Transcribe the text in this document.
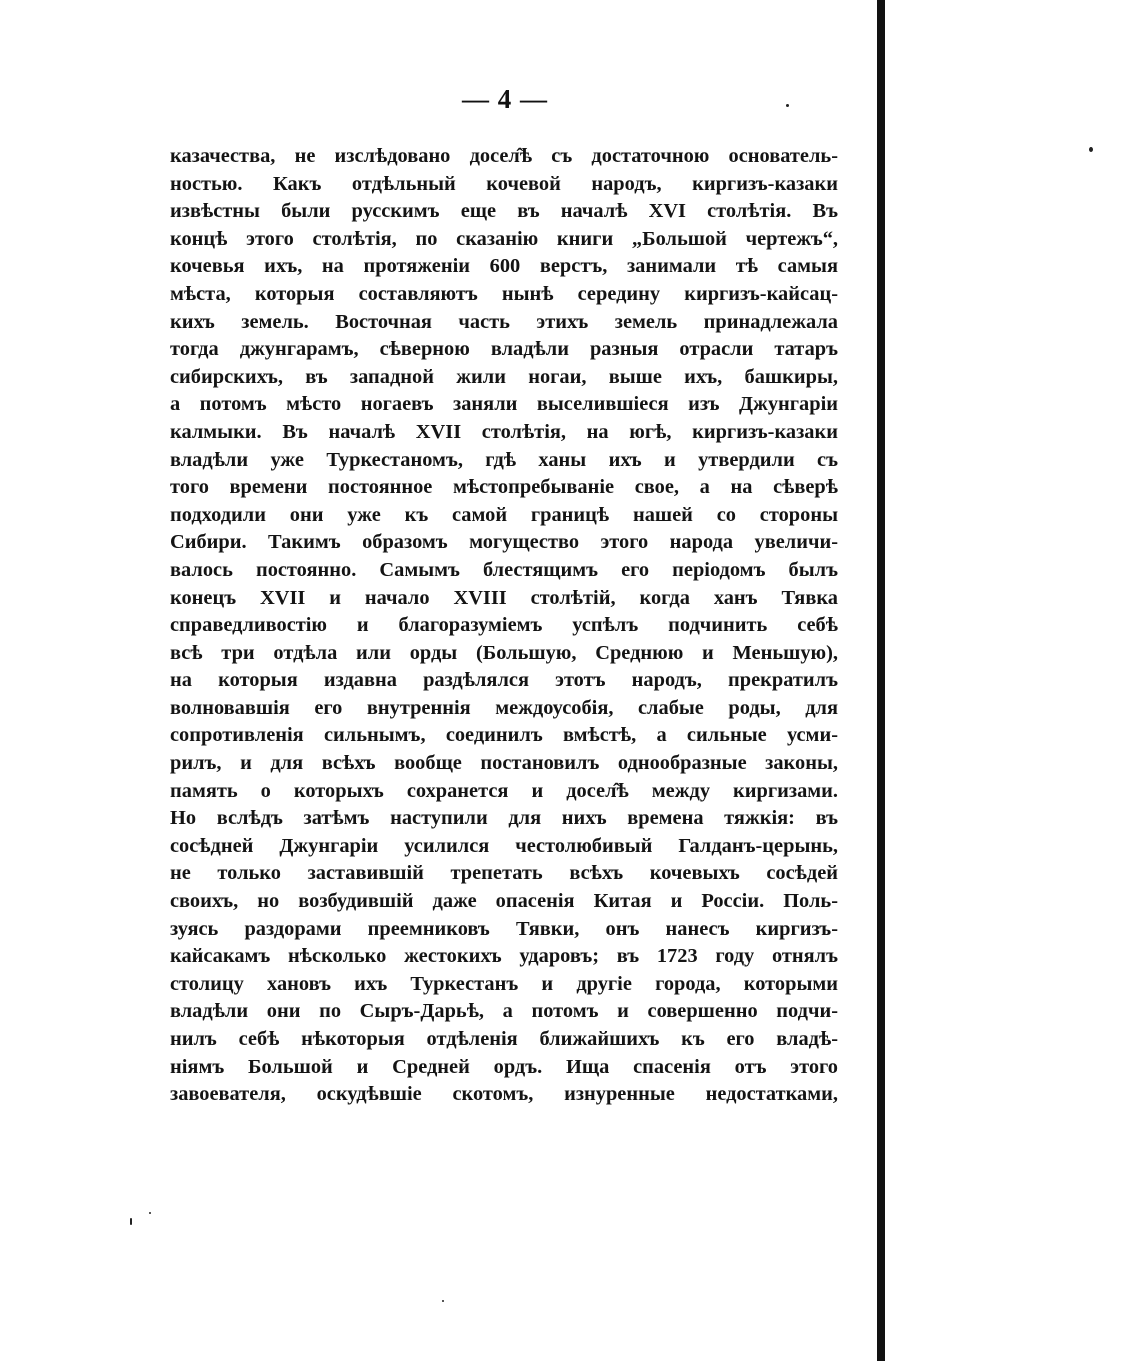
— 4 —
казачества, не изслѣдовано досел̂ѣ съ достаточною основатель-
ностью. Какъ отдѣльный кочевой народъ, киргизъ-казаки
извѣстны были русскимъ еще въ началѣ XVI столѣтія. Въ
концѣ этого столѣтія, по сказанію книги „Большой чертежъ“,
кочевья ихъ, на протяженіи 600 верстъ, занимали тѣ самыя
мѣста, которыя составляютъ нынѣ середину киргизъ-кайсац-
кихъ земель. Восточная часть этихъ земель принадлежала
тогда джунгарамъ, сѣверною владѣли разныя отрасли татаръ
сибирскихъ, въ западной жили ногаи, выше ихъ, башкиры,
а потомъ мѣсто ногаевъ заняли выселившіеся изъ Джунгаріи
калмыки. Въ началѣ XVII столѣтія, на югѣ, киргизъ-казаки
владѣли уже Туркестаномъ, гдѣ ханы ихъ и утвердили съ
того времени постоянное мѣстопребываніе свое, а на сѣверѣ
подходили они уже къ самой границѣ нашей со стороны
Сибири. Такимъ образомъ могущество этого народа увеличи-
валось постоянно. Самымъ блестящимъ его періодомъ былъ
конецъ XVII и начало XVIII столѣтій, когда ханъ Тявка
справедливостію и благоразуміемъ успѣлъ подчинить себѣ
всѣ три отдѣла или орды (Большую, Среднюю и Меньшую),
на которыя издавна раздѣлялся этотъ народъ, прекратилъ
волновавшія его внутреннія междоусобія, слабые роды, для
сопротивленія сильнымъ, соединилъ вмѣстѣ, а сильные усми-
рилъ, и для всѣхъ вообще постановилъ однообразные законы,
память о которыхъ сохранется и досел̂ѣ между киргизами.
Но вслѣдъ затѣмъ наступили для нихъ времена тяжкія: въ
сосѣдней Джунгаріи усилился честолюбивый Галданъ-церынь,
не только заставившій трепетать всѣхъ кочевыхъ сосѣдей
своихъ, но возбудившій даже опасенія Китая и Россіи. Поль-
зуясь раздорами преемниковъ Тявки, онъ нанесъ киргизъ-
кайсакамъ нѣсколько жестокихъ ударовъ; въ 1723 году отнялъ
столицу хановъ ихъ Туркестанъ и другіе города, которыми
владѣли они по Сыръ-Дарьѣ, а потомъ и совершенно подчи-
нилъ себѣ нѣкоторыя отдѣленія ближайшихъ къ его владѣ-
ніямъ Большой и Средней ордъ. Ища спасенія отъ этого
завоевателя, оскудѣвшіе скотомъ, изнуренные недостатками,
